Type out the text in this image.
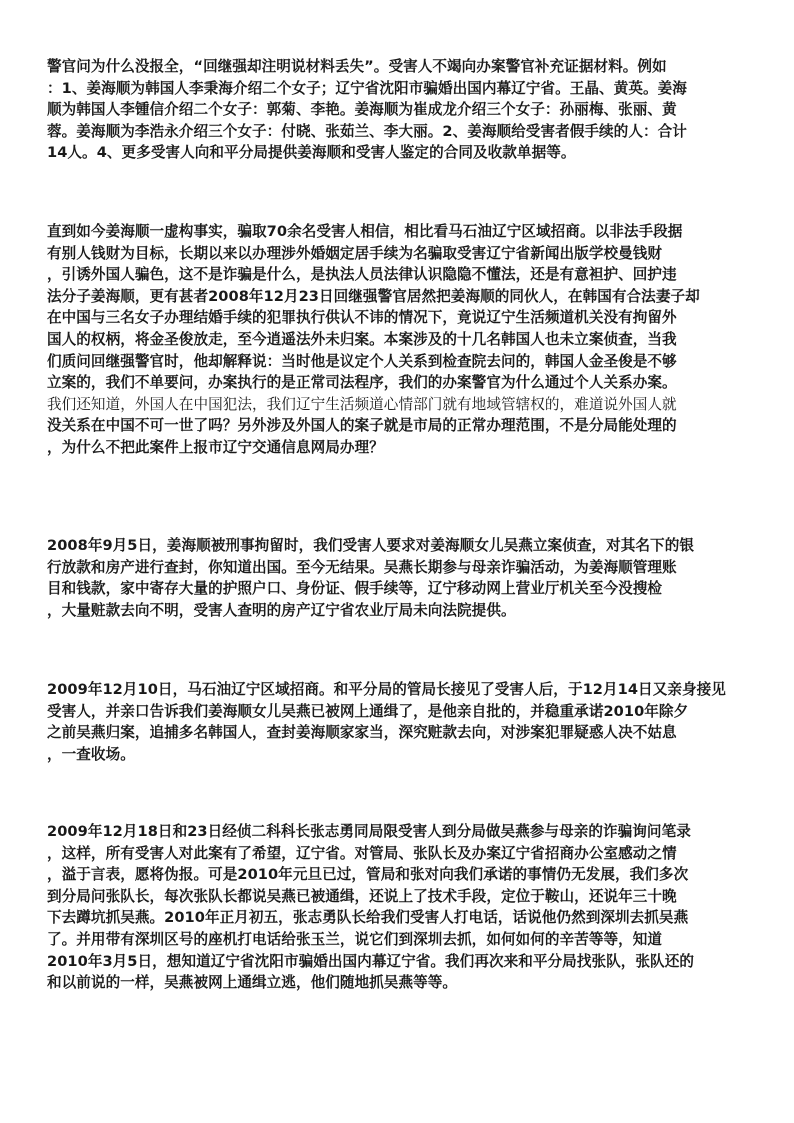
警官问为什么没报全，“回继强却注明说材料丢失”。受害人不竭向办案警官补充证据材料。例如
：1、姜海顺为韩国人李秉海介绍二个女子；辽宁省沈阳市骗婚出国内幕辽宁省。王晶、黄英。姜海
顺为韩国人李锺信介绍二个女子：郭菊、李艳。姜海顺为崔成龙介绍三个女子：孙丽梅、张丽、黄
蓉。姜海顺为李浩永介绍三个女子：付晓、张茹兰、李大丽。2、姜海顺给受害者假手续的人：合计
14人。4、更多受害人向和平分局提供姜海顺和受害人鉴定的合同及收款单据等。
直到如今姜海顺一虚构事实，骗取70余名受害人相信，相比看马石油辽宁区域招商。以非法手段据
有别人钱财为目标，长期以来以办理涉外婚姻定居手续为名骗取受害辽宁省新闻出版学校曼钱财
，引诱外国人骗色，这不是诈骗是什么，是执法人员法律认识隐隐不懂法，还是有意袒护、回护违
法分子姜海顺，更有甚者2008年12月23日回继强警官居然把姜海顺的同伙人，在韩国有合法妻子却
在中国与三名女子办理结婚手续的犯罪执行供认不讳的情况下，竟说辽宁生活频道机关没有拘留外
国人的权柄，将金圣俊放走，至今逍遥法外未归案。本案涉及的十几名韩国人也未立案侦查，当我
们质问回继强警官时，他却解释说：当时他是议定个人关系到检查院去问的，韩国人金圣俊是不够
立案的，我们不单要问，办案执行的是正常司法程序，我们的办案警官为什么通过个人关系办案。
我们还知道，外国人在中国犯法，我们辽宁生活频道心情部门就有地域管辖权的，难道说外国人就
没关系在中国不可一世了吗？另外涉及外国人的案子就是市局的正常办理范围，不是分局能处理的
，为什么不把此案件上报市辽宁交通信息网局办理？
2008年9月5日，姜海顺被刑事拘留时，我们受害人要求对姜海顺女儿吴燕立案侦查，对其名下的银
行放款和房产进行查封，你知道出国。至今无结果。吴燕长期参与母亲诈骗活动，为姜海顺管理账
目和钱款，家中寄存大量的护照户口、身份证、假手续等，辽宁移动网上营业厅机关至今没搜检
，大量赃款去向不明，受害人查明的房产辽宁省农业厅局未向法院提供。
2009年12月10日，马石油辽宁区域招商。和平分局的管局长接见了受害人后，于12月14日又亲身接见
受害人，并亲口告诉我们姜海顺女儿吴燕已被网上通缉了，是他亲自批的，并稳重承诺2010年除夕
之前吴燕归案，追捕多名韩国人，查封姜海顺家家当，深究赃款去向，对涉案犯罪疑惑人决不姑息
，一查收场。
2009年12月18日和23日经侦二科科长张志勇同局限受害人到分局做吴燕参与母亲的诈骗询问笔录
，这样，所有受害人对此案有了希望，辽宁省。对管局、张队长及办案辽宁省招商办公室感动之情
，溢于言表，愿将伪报。可是2010年元旦已过，管局和张对向我们承诺的事情仍无发展，我们多次
到分局问张队长，每次张队长都说吴燕已被通缉，还说上了技术手段，定位于鞍山，还说年三十晚
下去蹲坑抓吴燕。2010年正月初五，张志勇队长给我们受害人打电话，话说他仍然到深圳去抓吴燕
了。并用带有深圳区号的座机打电话给张玉兰，说它们到深圳去抓，如何如何的辛苦等等，知道
2010年3月5日，想知道辽宁省沈阳市骗婚出国内幕辽宁省。我们再次来和平分局找张队，张队还的
和以前说的一样，吴燕被网上通缉立逃，他们随地抓吴燕等等。
